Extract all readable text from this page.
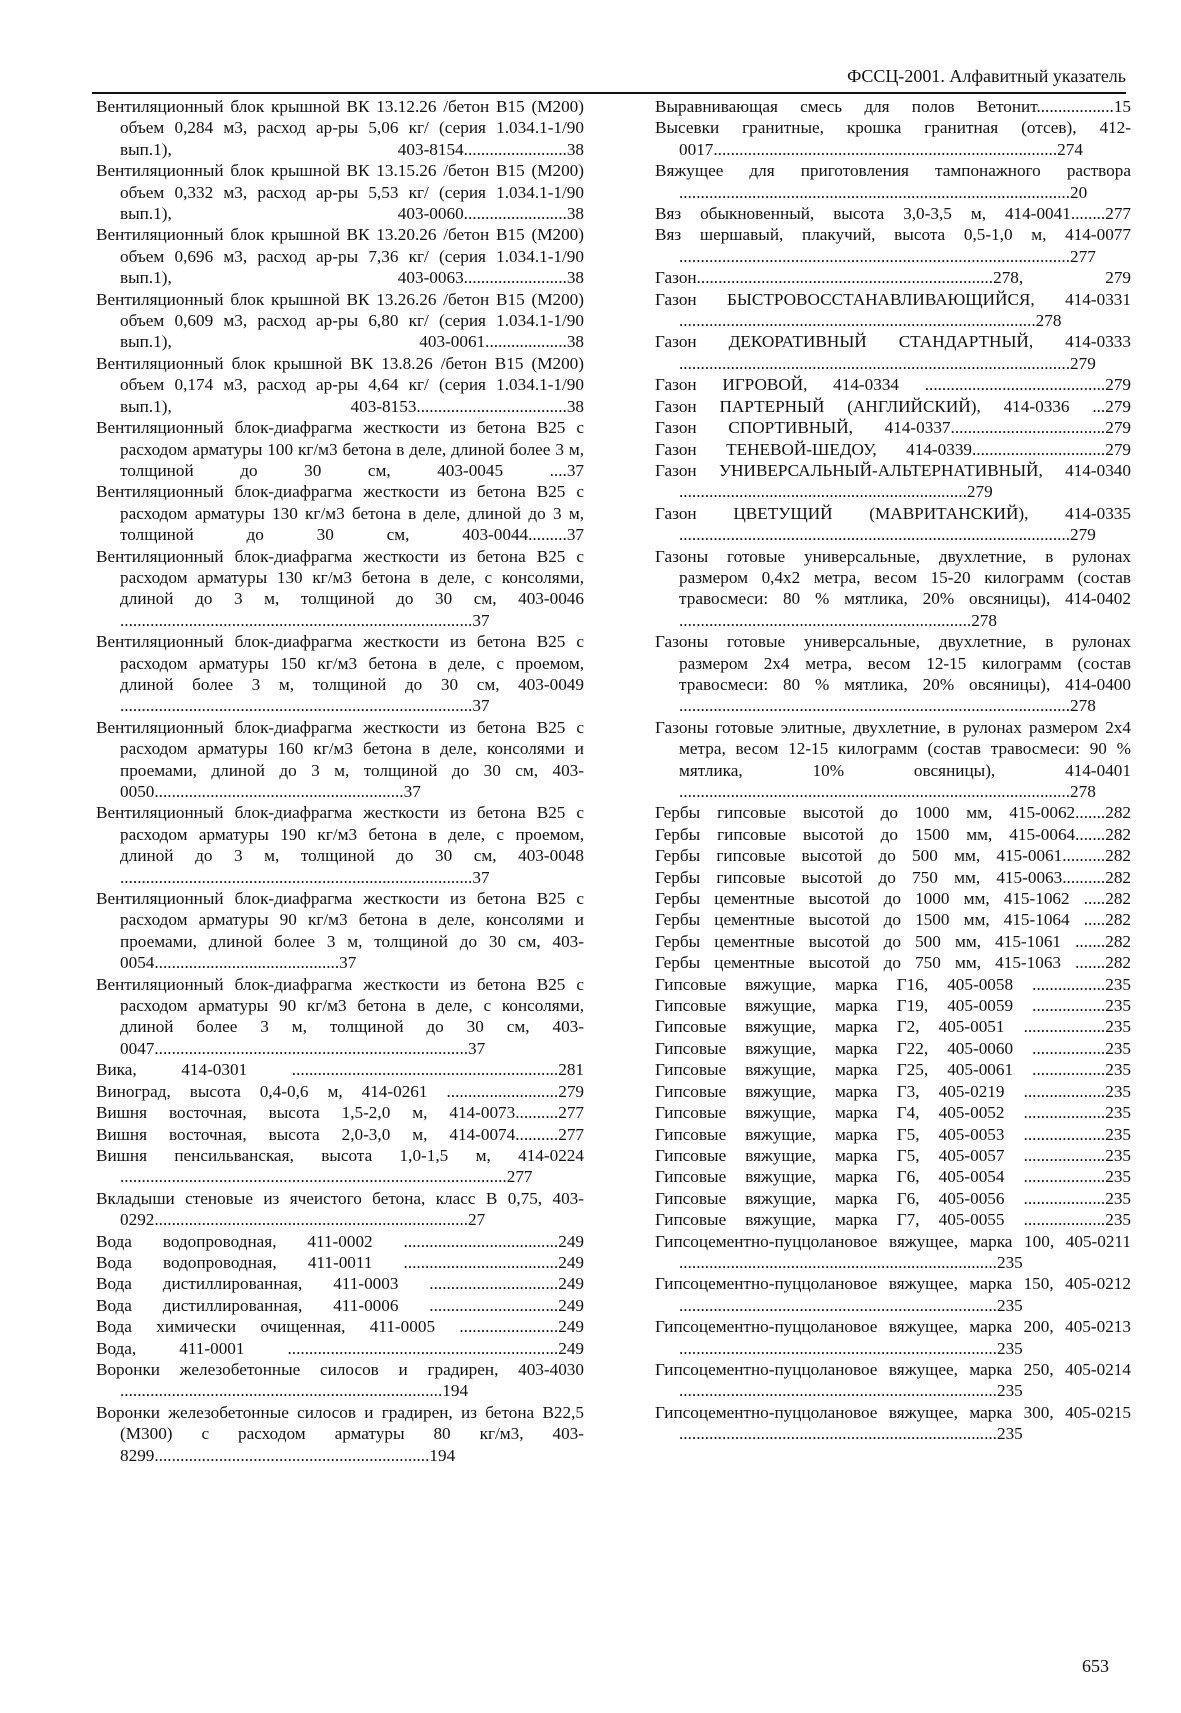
ФССЦ-2001. Алфавитный указатель
Вентиляционный блок крышной ВК 13.12.26 /бетон В15 (М200) объем 0,284 м3, расход ар-ры 5,06 кг/ (серия 1.034.1-1/90 вып.1), 403-8154........................38
Вентиляционный блок крышной ВК 13.15.26 /бетон В15 (М200) объем 0,332 м3, расход ар-ры 5,53 кг/ (серия 1.034.1-1/90 вып.1), 403-0060........................38
Вентиляционный блок крышной ВК 13.20.26 /бетон В15 (М200) объем 0,696 м3, расход ар-ры 7,36 кг/ (серия 1.034.1-1/90 вып.1), 403-0063........................38
Вентиляционный блок крышной ВК 13.26.26 /бетон В15 (М200) объем 0,609 м3, расход ар-ры 6,80 кг/ (серия 1.034.1-1/90 вып.1), 403-0061...................38
Вентиляционный блок крышной ВК 13.8.26 /бетон В15 (М200) объем 0,174 м3, расход ар-ры 4,64 кг/ (серия 1.034.1-1/90 вып.1), 403-8153...................................38
Вентиляционный блок-диафрагма жесткости из бетона В25 с расходом арматуры 100 кг/м3 бетона в деле, длиной более 3 м, толщиной до 30 см, 403-0045 ....37
Вентиляционный блок-диафрагма жесткости из бетона В25 с расходом арматуры 130 кг/м3 бетона в деле, длиной до 3 м, толщиной до 30 см, 403-0044.........37
Вентиляционный блок-диафрагма жесткости из бетона В25 с расходом арматуры 130 кг/м3 бетона в деле, с консолями, длиной до 3 м, толщиной до 30 см, 403-0046 ..................................................................................37
Вентиляционный блок-диафрагма жесткости из бетона В25 с расходом арматуры 150 кг/м3 бетона в деле, с проемом, длиной более 3 м, толщиной до 30 см, 403-0049 ..................................................................................37
Вентиляционный блок-диафрагма жесткости из бетона В25 с расходом арматуры 160 кг/м3 бетона в деле, консолями и проемами, длиной до 3 м, толщиной до 30 см, 403-0050..........................................................37
Вентиляционный блок-диафрагма жесткости из бетона В25 с расходом арматуры 190 кг/м3 бетона в деле, с проемом, длиной до 3 м, толщиной до 30 см, 403-0048 ..................................................................................37
Вентиляционный блок-диафрагма жесткости из бетона В25 с расходом арматуры 90 кг/м3 бетона в деле, консолями и проемами, длиной более 3 м, толщиной до 30 см, 403-0054...........................................37
Вентиляционный блок-диафрагма жесткости из бетона В25 с расходом арматуры 90 кг/м3 бетона в деле, с консолями, длиной более 3 м, толщиной до 30 см, 403-0047.........................................................................37
Вика, 414-0301 ..............................................................281
Виноград, высота 0,4-0,6 м, 414-0261 ..........................279
Вишня восточная, высота 1,5-2,0 м, 414-0073..........277
Вишня восточная, высота 2,0-3,0 м, 414-0074..........277
Вишня пенсильванская, высота 1,0-1,5 м, 414-0224 ..........................................................................................277
Вкладыши стеновые из ячеистого бетона, класс В 0,75, 403-0292.........................................................................27
Вода водопроводная, 411-0002 ....................................249
Вода водопроводная, 411-0011 ....................................249
Вода дистиллированная, 411-0003 ..............................249
Вода дистиллированная, 411-0006 ..............................249
Вода химически очищенная, 411-0005 .......................249
Вода, 411-0001 ...............................................................249
Воронки железобетонные силосов и градирен, 403-4030 ...........................................................................194
Воронки железобетонные силосов и градирен, из бетона В22,5 (М300) с расходом арматуры 80 кг/м3, 403-8299................................................................194
Выравнивающая смесь для полов Ветонит..................15
Высевки гранитные, крошка гранитная (отсев), 412-0017................................................................................274
Вяжущее для приготовления тампонажного раствора ...........................................................................................20
Вяз обыкновенный, высота 3,0-3,5 м, 414-0041........277
Вяз шершавый, плакучий, высота 0,5-1,0 м, 414-0077 ...........................................................................................277
Газон.....................................................................278, 279
Газон БЫСТРОВОССТАНАВЛИВАЮЩИЙСЯ, 414-0331 ...................................................................................278
Газон ДЕКОРАТИВНЫЙ СТАНДАРТНЫЙ, 414-0333 ...........................................................................................279
Газон ИГРОВОЙ, 414-0334 ..........................................279
Газон ПАРТЕРНЫЙ (АНГЛИЙСКИЙ), 414-0336 ...279
Газон СПОРТИВНЫЙ, 414-0337....................................279
Газон ТЕНЕВОЙ-ШЕДОУ, 414-0339...............................279
Газон УНИВЕРСАЛЬНЫЙ-АЛЬТЕРНАТИВНЫЙ, 414-0340 ...................................................................279
Газон ЦВЕТУЩИЙ (МАВРИТАНСКИЙ), 414-0335 ...........................................................................................279
Газоны готовые универсальные, двухлетние, в рулонах размером 0,4х2 метра, весом 15-20 килограмм (состав травосмеси: 80 % мятлика, 20% овсяницы), 414-0402 ....................................................................278
Газоны готовые универсальные, двухлетние, в рулонах размером 2х4 метра, весом 12-15 килограмм (состав травосмеси: 80 % мятлика, 20% овсяницы), 414-0400 ...........................................................................................278
Газоны готовые элитные, двухлетние, в рулонах размером 2х4 метра, весом 12-15 килограмм (состав травосмеси: 90 % мятлика, 10% овсяницы), 414-0401 ...........................................................................................278
Гербы гипсовые высотой до 1000 мм, 415-0062.......282
Гербы гипсовые высотой до 1500 мм, 415-0064.......282
Гербы гипсовые высотой до 500 мм, 415-0061..........282
Гербы гипсовые высотой до 750 мм, 415-0063..........282
Гербы цементные высотой до 1000 мм, 415-1062 .....282
Гербы цементные высотой до 1500 мм, 415-1064 .....282
Гербы цементные высотой до 500 мм, 415-1061 .......282
Гербы цементные высотой до 750 мм, 415-1063 .......282
Гипсовые вяжущие, марка Г16, 405-0058 .................235
Гипсовые вяжущие, марка Г19, 405-0059 .................235
Гипсовые вяжущие, марка Г2, 405-0051 ...................235
Гипсовые вяжущие, марка Г22, 405-0060 .................235
Гипсовые вяжущие, марка Г25, 405-0061 .................235
Гипсовые вяжущие, марка Г3, 405-0219 ...................235
Гипсовые вяжущие, марка Г4, 405-0052 ...................235
Гипсовые вяжущие, марка Г5, 405-0053 ...................235
Гипсовые вяжущие, марка Г5, 405-0057 ...................235
Гипсовые вяжущие, марка Г6, 405-0054 ...................235
Гипсовые вяжущие, марка Г6, 405-0056 ...................235
Гипсовые вяжущие, марка Г7, 405-0055 ...................235
Гипсоцементно-пуццолановое вяжущее, марка 100, 405-0211 ..........................................................................235
Гипсоцементно-пуццолановое вяжущее, марка 150, 405-0212 ..........................................................................235
Гипсоцементно-пуццолановое вяжущее, марка 200, 405-0213 ..........................................................................235
Гипсоцементно-пуццолановое вяжущее, марка 250, 405-0214 ..........................................................................235
Гипсоцементно-пуццолановое вяжущее, марка 300, 405-0215 ..........................................................................235
653
